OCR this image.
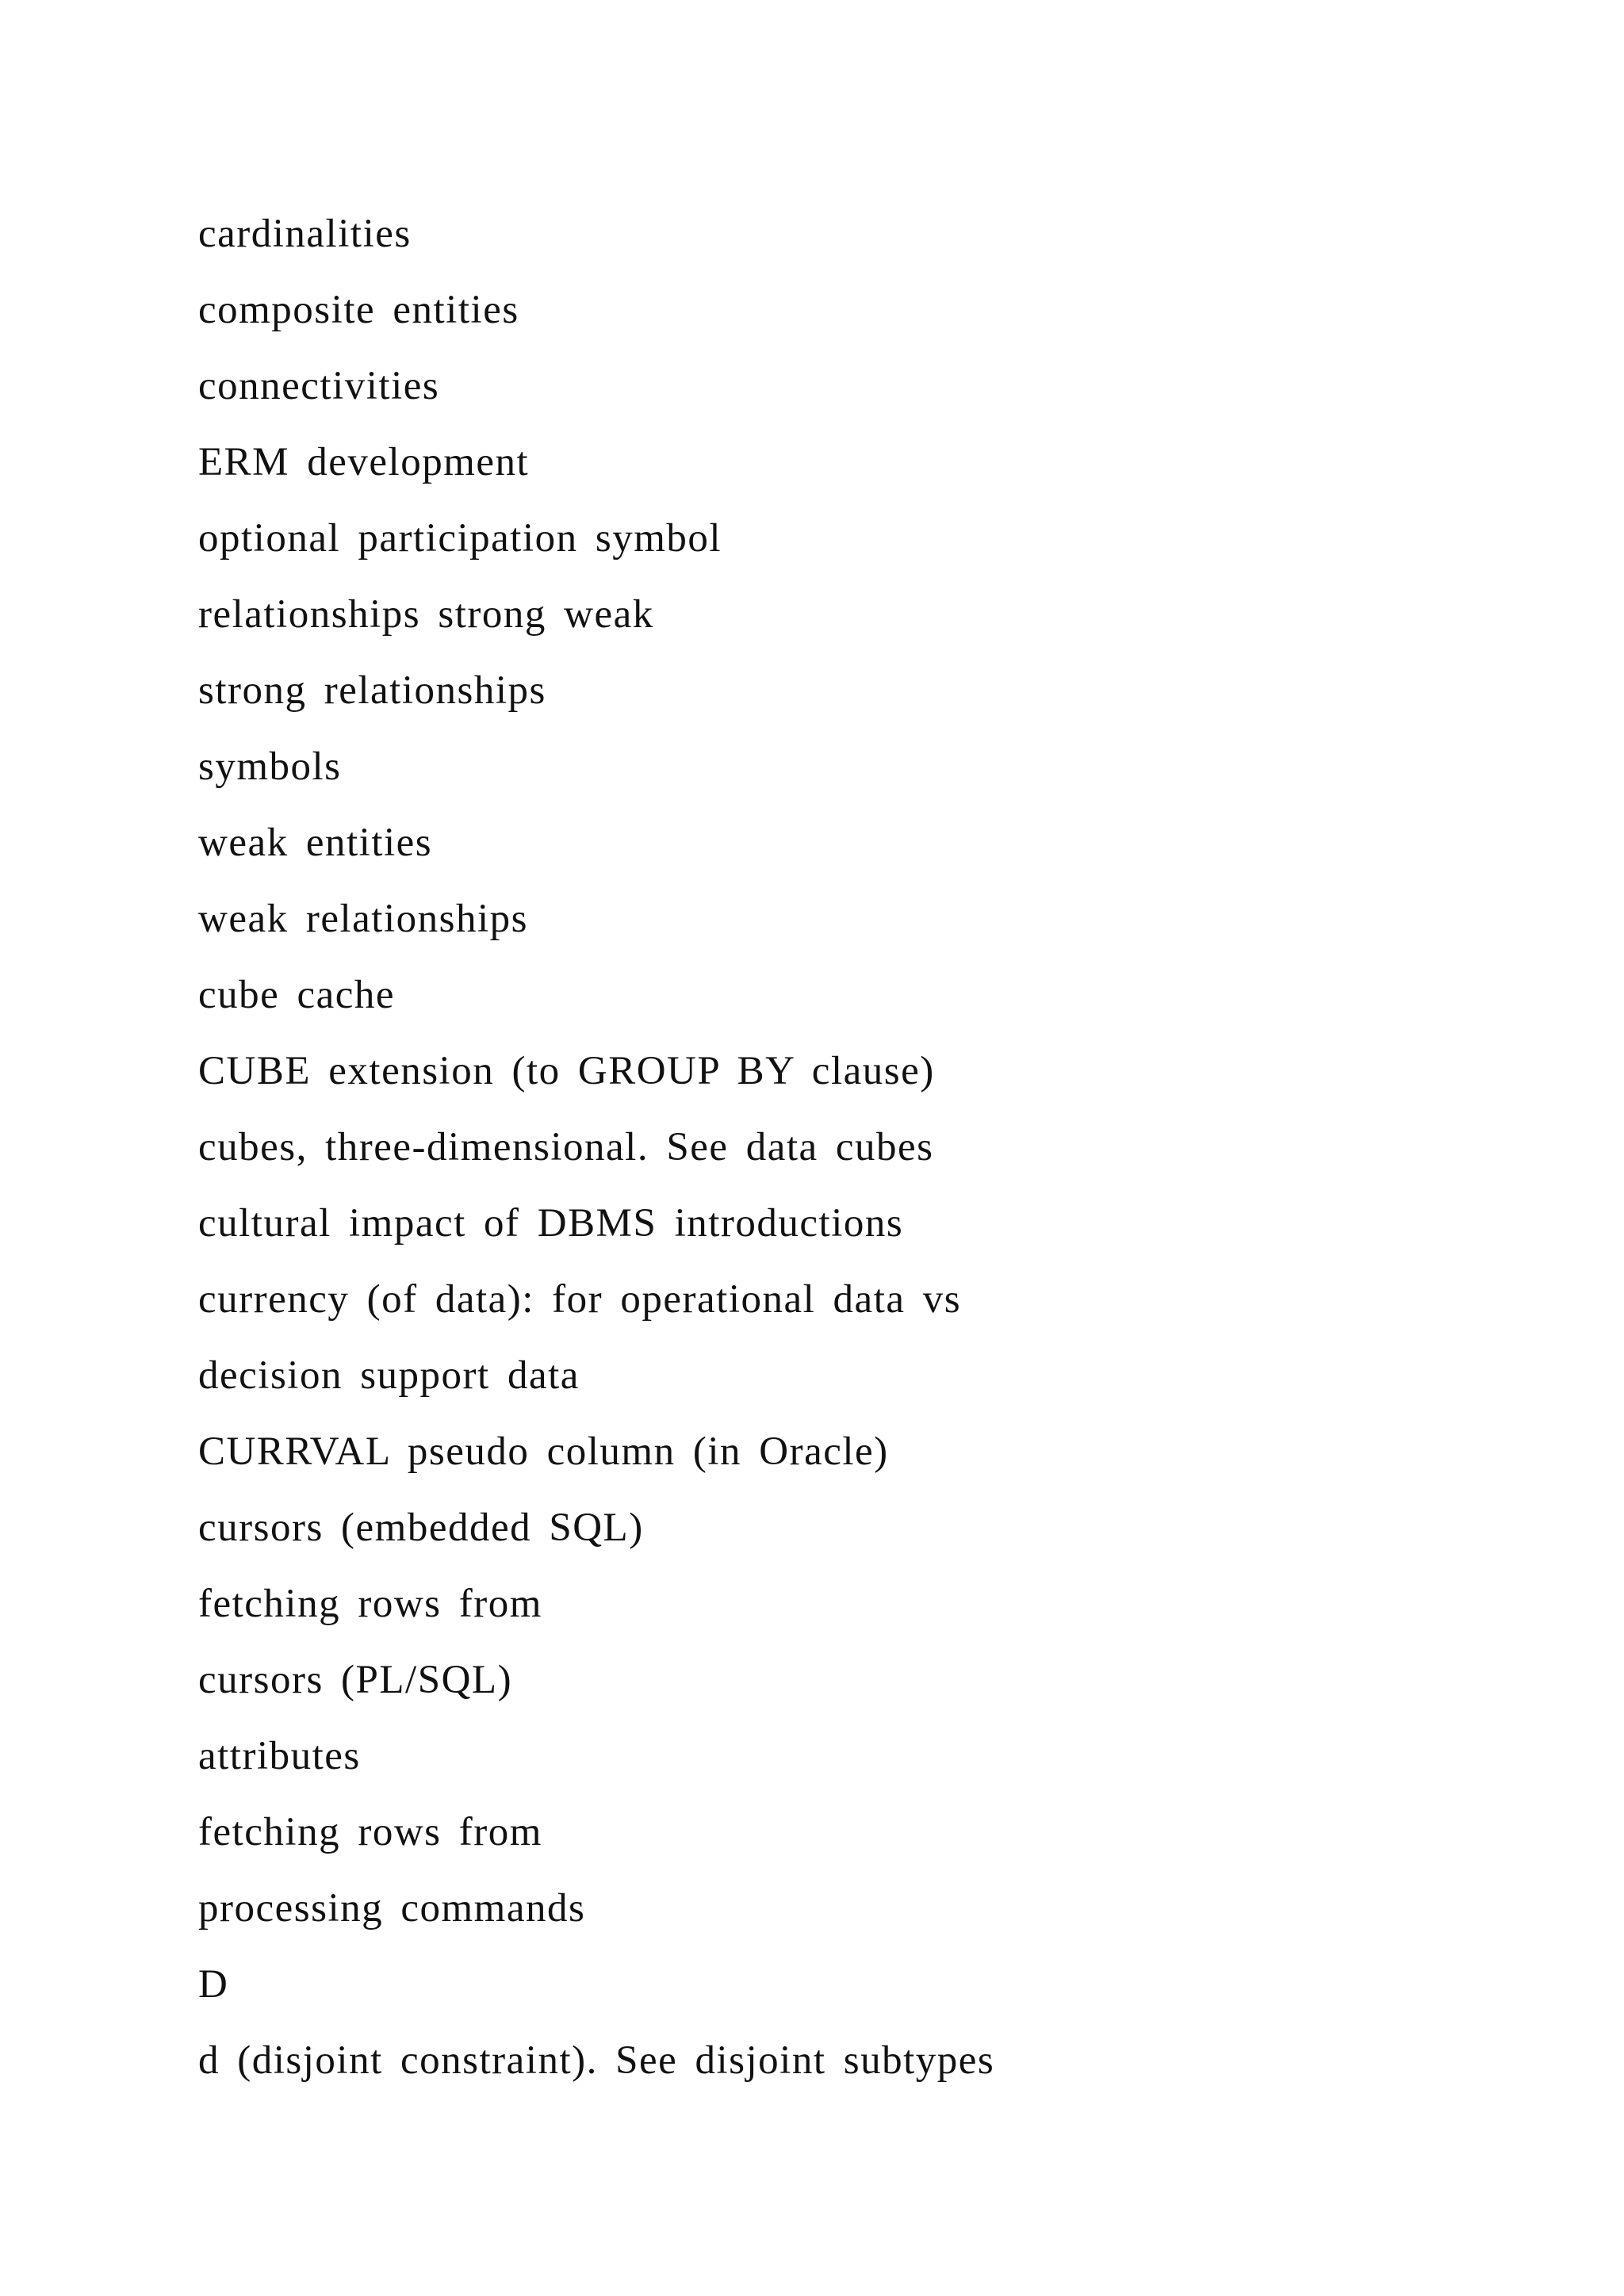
cardinalities
composite entities
connectivities
ERM development
optional participation symbol
relationships strong weak
strong relationships
symbols
weak entities
weak relationships
cube cache
CUBE extension (to GROUP BY clause)
cubes, three-dimensional. See data cubes
cultural impact of DBMS introductions
currency (of data): for operational data vs
decision support data
CURRVAL pseudo column (in Oracle)
cursors (embedded SQL)
fetching rows from
cursors (PL/SQL)
attributes
fetching rows from
processing commands
D
d (disjoint constraint). See disjoint subtypes
